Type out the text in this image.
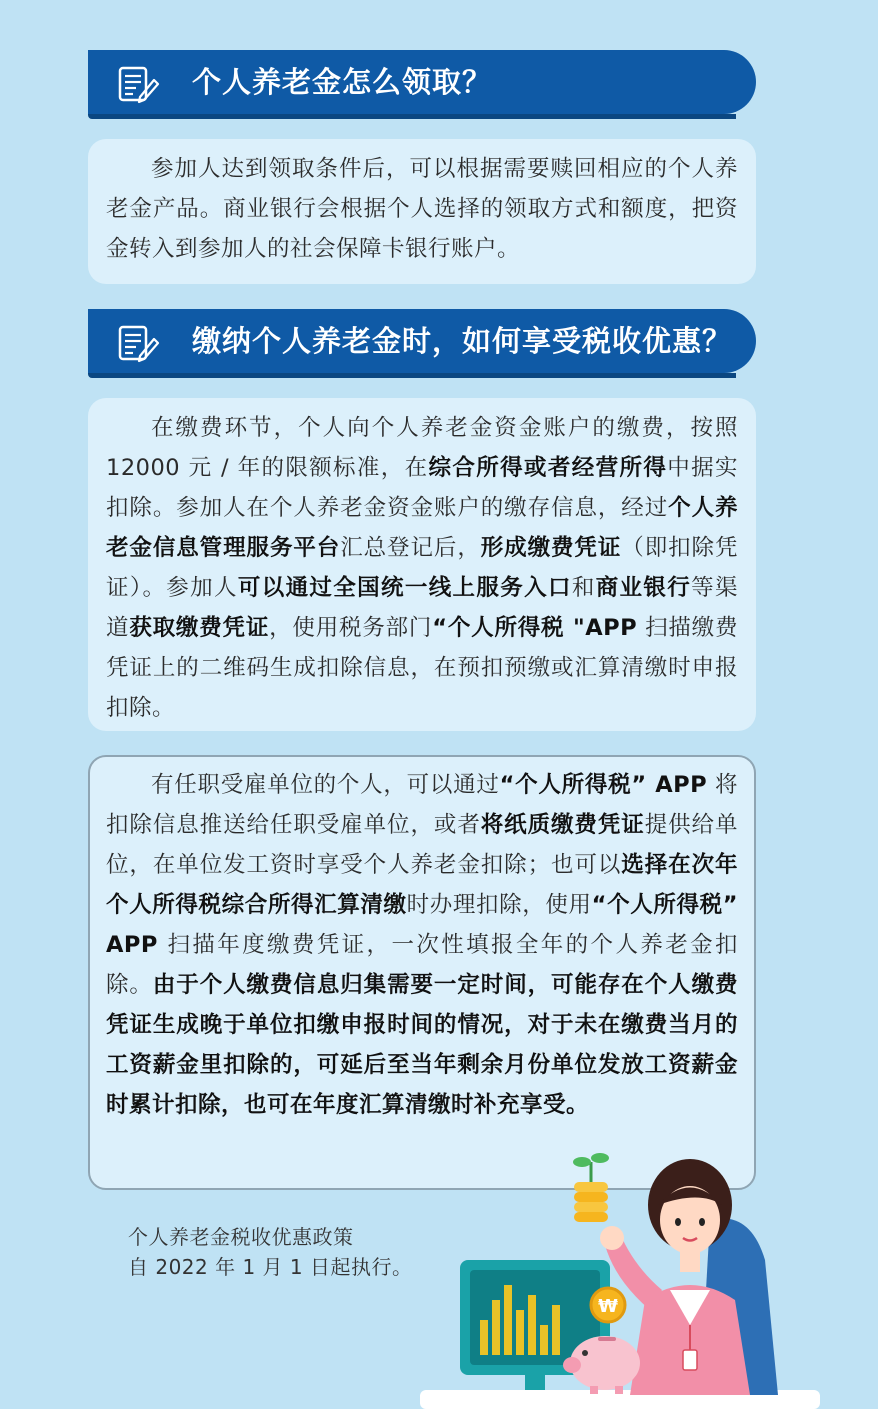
个人养老金怎么领取？

参加人达到领取条件后，可以根据需要赎回相应的个人养老金产品。商业银行会根据个人选择的领取方式和额度，把资金转入到参加人的社会保障卡银行账户。

缴纳个人养老金时，如何享受税收优惠？

在缴费环节，个人向个人养老金资金账户的缴费，按照 12000 元 / 年的限额标准，在综合所得或者经营所得中据实扣除。参加人在个人养老金资金账户的缴存信息，经过个人养老金信息管理服务平台汇总登记后，形成缴费凭证（即扣除凭证）。参加人可以通过全国统一线上服务入口和商业银行等渠道获取缴费凭证，使用税务部门“个人所得税 "APP 扫描缴费凭证上的二维码生成扣除信息，在预扣预缴或汇算清缴时申报扣除。

有任职受雇单位的个人，可以通过“个人所得税” APP 将扣除信息推送给任职受雇单位，或者将纸质缴费凭证提供给单位，在单位发工资时享受个人养老金扣除；也可以选择在次年个人所得税综合所得汇算清缴时办理扣除，使用“个人所得税” APP 扫描年度缴费凭证，一次性填报全年的个人养老金扣除。由于个人缴费信息归集需要一定时间，可能存在个人缴费凭证生成晚于单位扣缴申报时间的情况，对于未在缴费当月的工资薪金里扣除的，可延后至当年剩余月份单位发放工资薪金时累计扣除，也可在年度汇算清缴时补充享受。

个人养老金税收优惠政策
自 2022 年 1 月 1 日起执行。
₩
